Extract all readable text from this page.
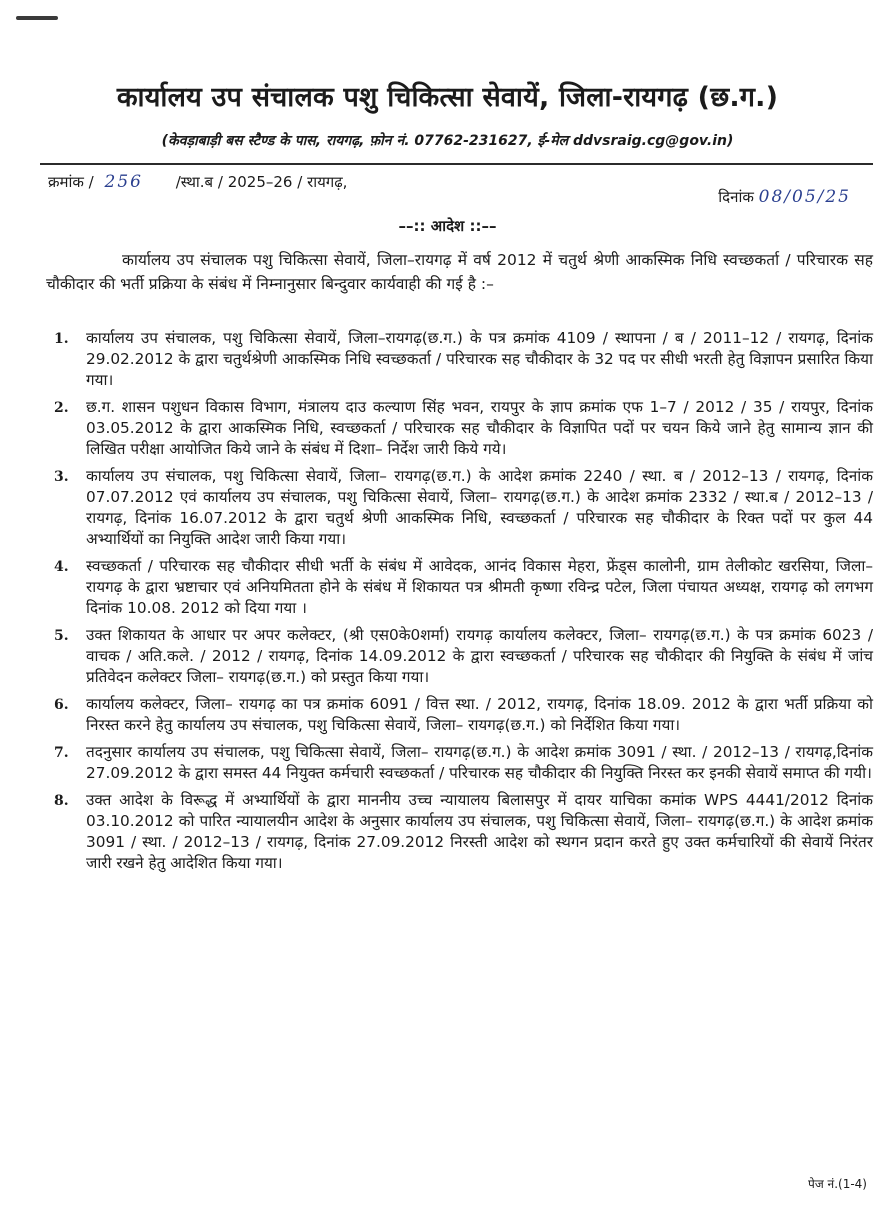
कार्यालय उप संचालक पशु चिकित्सा सेवायें, जिला-रायगढ़ (छ.ग.)
(केवड़ाबाड़ी बस स्टैण्ड के पास, रायगढ़, फ़ोन नं. 07762-231627, ई-मेल ddvsraig.cg@gov.in)
क्रमांक / 256 /स्था.ब / 2025–26 / रायगढ़,
दिनांक 08/05/25
––:: आदेश ::––

कार्यालय उप संचालक पशु चिकित्सा सेवायें, जिला–रायगढ़ में वर्ष 2012 में चतुर्थ श्रेणी आकस्मिक निधि स्वच्छकर्ता / परिचारक सह चौकीदार की भर्ती प्रक्रिया के संबंध में निम्नानुसार बिन्दुवार कार्यवाही की गई है :–

1. कार्यालय उप संचालक, पशु चिकित्सा सेवायें, जिला–रायगढ़(छ.ग.) के पत्र क्रमांक 4109 / स्थापना / ब / 2011–12 / रायगढ़, दिनांक 29.02.2012 के द्वारा चतुर्थश्रेणी आकस्मिक निधि स्वच्छकर्ता / परिचारक सह चौकीदार के 32 पद पर सीधी भरती हेतु विज्ञापन प्रसारित किया गया।
2. छ.ग. शासन पशुधन विकास विभाग, मंत्रालय दाउ कल्याण सिंह भवन, रायपुर के ज्ञाप क्रमांक एफ 1–7 / 2012 / 35 / रायपुर, दिनांक 03.05.2012 के द्वारा आकस्मिक निधि, स्वच्छकर्ता / परिचारक सह चौकीदार के विज्ञापित पदों पर चयन किये जाने हेतु सामान्य ज्ञान की लिखित परीक्षा आयोजित किये जाने के संबंध में दिशा– निर्देश जारी किये गये।
3. कार्यालय उप संचालक, पशु चिकित्सा सेवायें, जिला– रायगढ़(छ.ग.) के आदेश क्रमांक 2240 / स्था. ब / 2012–13 / रायगढ़, दिनांक 07.07.2012 एवं कार्यालय उप संचालक, पशु चिकित्सा सेवायें, जिला– रायगढ़(छ.ग.) के आदेश क्रमांक 2332 / स्था.ब / 2012–13 / रायगढ़, दिनांक 16.07.2012 के द्वारा चतुर्थ श्रेणी आकस्मिक निधि, स्वच्छकर्ता / परिचारक सह चौकीदार के रिक्त पदों पर कुल 44 अभ्यार्थियों का नियुक्ति आदेश जारी किया गया।
4. स्वच्छकर्ता / परिचारक सह चौकीदार सीधी भर्ती के संबंध में आवेदक, आनंद विकास मेहरा, फ्रेंड्स कालोनी, ग्राम तेलीकोट खरसिया, जिला– रायगढ़ के द्वारा भ्रष्टाचार एवं अनियमितता होने के संबंध में शिकायत पत्र श्रीमती कृष्णा रविन्द्र पटेल, जिला पंचायत अध्यक्ष, रायगढ़ को लगभग दिनांक 10.08. 2012 को दिया गया ।
5. उक्त शिकायत के आधार पर अपर कलेक्टर, (श्री एस0के0शर्मा) रायगढ़ कार्यालय कलेक्टर, जिला– रायगढ़(छ.ग.) के पत्र क्रमांक 6023 / वाचक / अति.कले. / 2012 / रायगढ़, दिनांक 14.09.2012 के द्वारा स्वच्छकर्ता / परिचारक सह चौकीदार की नियुक्ति के संबंध में जांच प्रतिवेदन कलेक्टर जिला– रायगढ़(छ.ग.) को प्रस्तुत किया गया।
6. कार्यालय कलेक्टर, जिला– रायगढ़ का पत्र क्रमांक 6091 / वित्त स्था. / 2012, रायगढ़, दिनांक 18.09. 2012 के द्वारा भर्ती प्रक्रिया को निरस्त करने हेतु कार्यालय उप संचालक, पशु चिकित्सा सेवायें, जिला– रायगढ़(छ.ग.) को निर्देशित किया गया।
7. तदनुसार कार्यालय उप संचालक, पशु चिकित्सा सेवायें, जिला– रायगढ़(छ.ग.) के आदेश क्रमांक 3091 / स्था. / 2012–13 / रायगढ़,दिनांक 27.09.2012 के द्वारा समस्त 44 नियुक्त कर्मचारी स्वच्छकर्ता / परिचारक सह चौकीदार की नियुक्ति निरस्त कर इनकी सेवायें समाप्त की गयी।
8. उक्त आदेश के विरूद्ध में अभ्यार्थियों के द्वारा माननीय उच्च न्यायालय बिलासपुर में दायर याचिका कमांक WPS 4441/2012 दिनांक 03.10.2012 को पारित न्यायालयीन आदेश के अनुसार कार्यालय उप संचालक, पशु चिकित्सा सेवायें, जिला– रायगढ़(छ.ग.) के आदेश क्रमांक 3091 / स्था. / 2012–13 / रायगढ़, दिनांक 27.09.2012 निरस्ती आदेश को स्थगन प्रदान करते हुए उक्त कर्मचारियों की सेवायें निरंतर जारी रखने हेतु आदेशित किया गया।
पेज नं.(1-4)
